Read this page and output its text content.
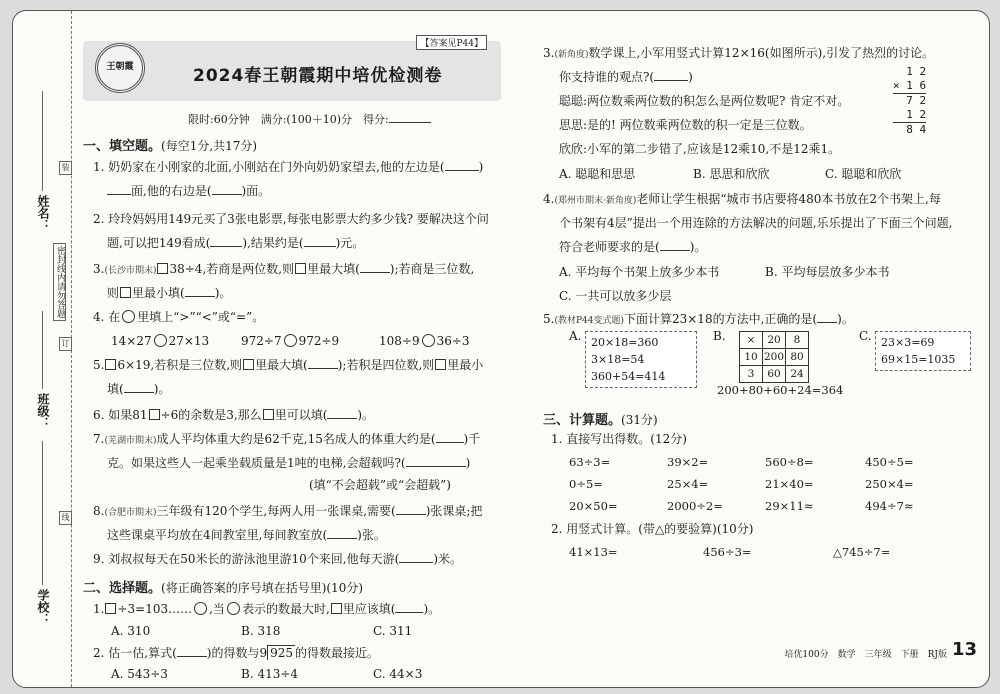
姓名：
密封线内请勿答题
班级：
学校：
装
订
线
王朝霞	2024春王朝霞期中培优检测卷
【答案见P44】
限时:60分钟　满分:(100＋10)分　得分:
一、填空题。(每空1分,共17分)
1. 奶奶家在小刚家的北面,小刚站在门外向奶奶家望去,他的左边是(	)
面,他的右边是(	)面。
2. 玲玲妈妈用149元买了3张电影票,每张电影票大约多少钱? 要解决这个问
题,可以把149看成(	),结果约是(	)元。
3.(长沙市期末) 38÷4,若商是两位数,则 里最大填(	);若商是三位数,
则 里最小填(	)。
4. 在 里填上“>”“<”或“=”。
14×27 27×13	972÷7 972÷9	108÷9 36÷3
5. 6×19,若积是三位数,则 里最大填(	);若积是四位数,则 里最小
填(	)。
6. 如果81 ÷6的余数是3,那么 里可以填(	)。
7.(芜湖市期末)成人平均体重大约是62千克,15名成人的体重大约是( )千
克。如果这些人一起乘坐载质量是1吨的电梯,会超载吗?(	)
(填“不会超载”或“会超载”)
8.(合肥市期末)三年级有120个学生,每两人用一张课桌,需要(	)张课桌;把
这些课桌平均放在4间教室里,每间教室放(	)张。
9. 刘叔叔每天在50米长的游泳池里游10个来回,他每天游(	)米。
二、选择题。(将正确答案的序号填在括号里)(10分)
1. ÷3=103…… ,当 表示的数最大时, 里应该填( )。
A. 310	B. 318	C. 311
2. 估一估,算式(	)的得数与9 925 的得数最接近。
A. 543÷3	B. 413÷4	C. 44×3
3.(新角度)数学课上,小军用竖式计算12×16(如图所示),引发了热烈的讨论。
你支持谁的观点?(	)
聪聪:两位数乘两位数的积怎么是两位数呢? 肯定不对。
思思:是的! 两位数乘两位数的积一定是三位数。
欣欣:小军的第二步错了,应该是12乘10,不是12乘1。
A. 聪聪和思思	B. 思思和欣欣	C. 聪聪和欣欣
1 2
× 1 6
7 2
1 2
8 4
4.(郑州市期末·新角度)老师让学生根据“城市书店要将480本书放在2个书架上,每
个书架有4层”提出一个用连除的方法解决的问题,乐乐提出了下面三个问题,
符合老师要求的是(	)。
A. 平均每个书架上放多少本书	B. 平均每层放多少本书
C. 一共可以放多少层
5.(教材P44变式题)下面计算23×18的方法中,正确的是( )。
A. 20×18=360
3×18=54
360+54=414
B. ×	20	8
10	200	80
3	60	24
200+80+60+24=364
C. 23×3=69
69×15=1035
三、计算题。(31分)
1. 直接写出得数。(12分)
63÷3=	39×2=	560÷8=	450÷5=
0÷5=	25×4=	21×40=	250×4=
20×50=	2000÷2=	29×11≈	494÷7≈
2. 用竖式计算。(带△的要验算)(10分)
41×13=	456÷3=	△745÷7=
培优100分　数学　三年级　下册　RJ版 13
